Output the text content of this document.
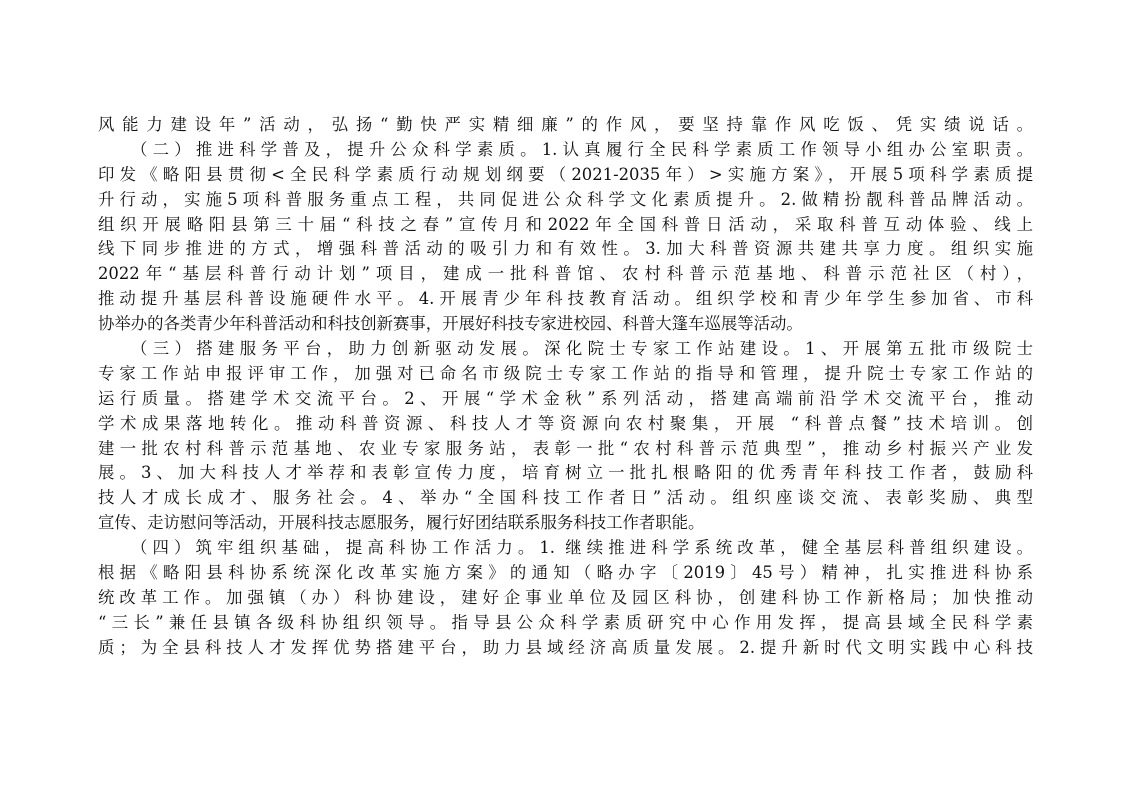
风能力建设年”活动，弘扬“勤快严实精细廉”的作风，要坚持靠作风吃饭、凭实绩说话。
（二）推进科学普及，提升公众科学素质。1.认真履行全民科学素质工作领导小组办公室职责。
印发《略阳县贯彻<全民科学素质行动规划纲要（2021-2035年）>实施方案》，开展5项科学素质提
升行动，实施5项科普服务重点工程，共同促进公众科学文化素质提升。2.做精扮靓科普品牌活动。
组织开展略阳县第三十届“科技之春”宣传月和2022年全国科普日活动，采取科普互动体验、线上
线下同步推进的方式，增强科普活动的吸引力和有效性。3.加大科普资源共建共享力度。组织实施
2022年“基层科普行动计划”项目，建成一批科普馆、农村科普示范基地、科普示范社区（村），
推动提升基层科普设施硬件水平。4.开展青少年科技教育活动。组织学校和青少年学生参加省、市科
协举办的各类青少年科普活动和科技创新赛事，开展好科技专家进校园、科普大篷车巡展等活动。
（三）搭建服务平台，助力创新驱动发展。深化院士专家工作站建设。1、开展第五批市级院士
专家工作站申报评审工作，加强对已命名市级院士专家工作站的指导和管理，提升院士专家工作站的
运行质量。搭建学术交流平台。2、开展“学术金秋”系列活动，搭建高端前沿学术交流平台，推动
学术成果落地转化。推动科普资源、科技人才等资源向农村聚集，开展 “科普点餐”技术培训。创
建一批农村科普示范基地、农业专家服务站，表彰一批“农村科普示范典型”，推动乡村振兴产业发
展。3、加大科技人才举荐和表彰宣传力度，培育树立一批扎根略阳的优秀青年科技工作者，鼓励科
技人才成长成才、服务社会。4、举办“全国科技工作者日”活动。组织座谈交流、表彰奖励、典型
宣传、走访慰问等活动，开展科技志愿服务，履行好团结联系服务科技工作者职能。
（四）筑牢组织基础，提高科协工作活力。1. 继续推进科学系统改革，健全基层科普组织建设。
根据《略阳县科协系统深化改革实施方案》的通知（略办字〔2019〕45号）精神，扎实推进科协系
统改革工作。加强镇（办）科协建设，建好企事业单位及园区科协，创建科协工作新格局；加快推动
“三长”兼任县镇各级科协组织领导。指导县公众科学素质研究中心作用发挥，提高县域全民科学素
质；为全县科技人才发挥优势搭建平台，助力县域经济高质量发展。2.提升新时代文明实践中心科技
